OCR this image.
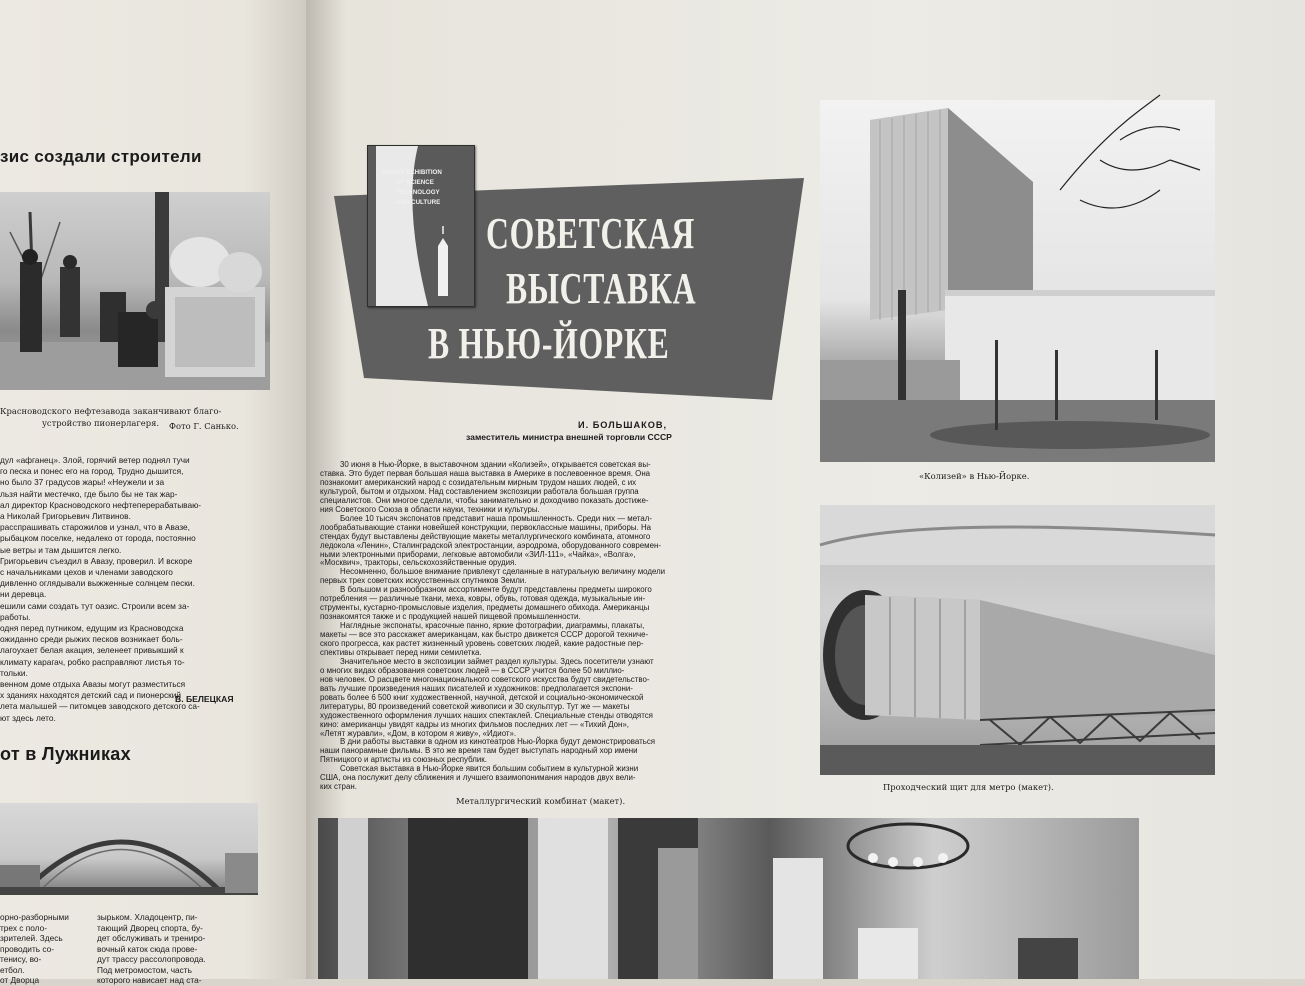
зис создали строители
Красноводского нефтезавода заканчивают благо-
устройство пионерлагеря. Фото Г. Санько.
дул «афганец». Злой, горячий ветер поднял тучи
го песка и понес его на город. Трудно дышится,
но было 37 градусов жары! «Неужели и за
льзя найти местечко, где было бы не так жар-
ал директор Красноводского нефтеперерабатываю-
а Николай Григорьевич Литвинов.
расспрашивать старожилов и узнал, что в Авазе,
рыбацком поселке, недалеко от города, постоянно
ые ветры и там дышится легко.
Григорьевич съездил в Авазу, проверил. И вскоре
с начальниками цехов и членами заводского
дивленно оглядывали выжженные солнцем пески.
ни деревца.
ешили сами создать тут оазис. Строили всем за-
работы.
одня перед путником, едущим из Красноводска
ожиданно среди рыжих песков возникает боль-
лагоухает белая акация, зеленеет привыкший к
климату карагач, робко расправляют листья то-
тольки.
венном доме отдыха Авазы могут разместиться
х зданиях находятся детский сад и пионерский
лета малышей — питомцев заводского детского са-
ют здесь лето.
В. БЕЛЕЦКАЯ
от в Лужниках
орно-разборными
трех с поло-
зрителей. Здесь
проводить со-
тенису, во-
етбол.
от Дворца
зырьком. Хладоцентр, пи-
тающий Дворец спорта, бу-
дет обслуживать и трениро-
вочный каток сюда прове-
дут трассу рассолопровода.
Под метромостом, часть
которого нависает над ста-
SOVIET EXHIBITION
OF SCIENCE
TECHNOLOGY
AND CULTURE
СОВЕТСКАЯ
ВЫСТАВКА
В НЬЮ-ЙОРКЕ
И. БОЛЬШАКОВ,
заместитель министра внешней торговли СССР
30 июня в Нью-Йорке, в выставочном здании «Колизей», открывается советская вы-
ставка. Это будет первая большая наша выставка в Америке в послевоенное время. Она
познакомит американский народ с созидательным мирным трудом наших людей, с их
культурой, бытом и отдыхом. Над составлением экспозиции работала большая группа
специалистов. Они многое сделали, чтобы занимательно и доходчиво показать достиже-
ния Советского Союза в области науки, техники и культуры.
Более 10 тысяч экспонатов представит наша промышленность. Среди них — метал-
лообрабатывающие станки новейшей конструкции, первоклассные машины, приборы. На
стендах будут выставлены действующие макеты металлургического комбината, атомного
ледокола «Ленин», Сталинградской электростанции, аэродрома, оборудованного современ-
ными электронными приборами, легковые автомобили «ЗИЛ-111», «Чайка», «Волга»,
«Москвич», тракторы, сельскохозяйственные орудия.
Несомненно, большое внимание привлекут сделанные в натуральную величину модели
первых трех советских искусственных спутников Земли.
В большом и разнообразном ассортименте будут представлены предметы широкого
потребления — различные ткани, меха, ковры, обувь, готовая одежда, музыкальные ин-
струменты, кустарно-промысловые изделия, предметы домашнего обихода. Американцы
познакомятся также и с продукцией нашей пищевой промышленности.
Наглядные экспонаты, красочные панно, яркие фотографии, диаграммы, плакаты,
макеты — все это расскажет американцам, как быстро движется СССР дорогой техниче-
ского прогресса, как растет жизненный уровень советских людей, какие радостные пер-
спективы открывает перед ними семилетка.
Значительное место в экспозиции займет раздел культуры. Здесь посетители узнают
о многих видах образования советских людей — в СССР учится более 50 миллио-
нов человек. О расцвете многонационального советского искусства будут свидетельство-
вать лучшие произведения наших писателей и художников: предполагается экспони-
ровать более 6 500 книг художественной, научной, детской и социально-экономической
литературы, 80 произведений советской живописи и 30 скульптур. Тут же — макеты
художественного оформления лучших наших спектаклей. Специальные стенды отводятся
кино: американцы увидят кадры из многих фильмов последних лет — «Тихий Дон»,
«Летят журавли», «Дом, в котором я живу», «Идиот».
В дни работы выставки в одном из кинотеатров Нью-Йорка будут демонстрироваться
наши панорамные фильмы. В это же время там будет выступать народный хор имени
Пятницкого и артисты из союзных республик.
Советская выставка в Нью-Йорке явится большим событием в культурной жизни
США, она послужит делу сближения и лучшего взаимопонимания народов двух вели-
ких стран.
«Колизей» в Нью-Йорке.
Проходческий щит для метро (макет).
Металлургический комбинат (макет).
